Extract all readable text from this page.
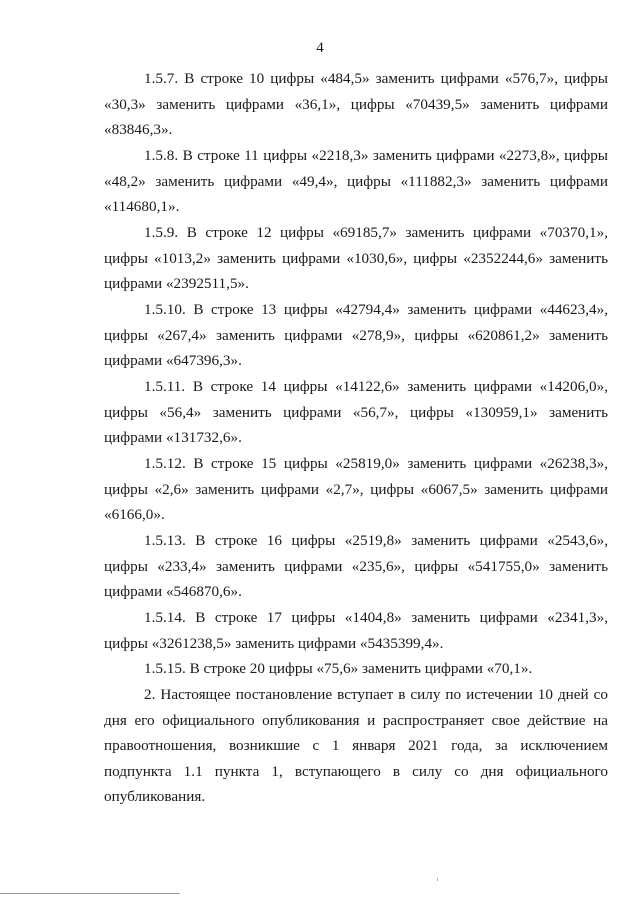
4

1.5.7. В строке 10 цифры «484,5» заменить цифрами «576,7», цифры «30,3» заменить цифрами «36,1», цифры «70439,5» заменить цифрами «83846,3».

1.5.8. В строке 11 цифры «2218,3» заменить цифрами «2273,8», цифры «48,2» заменить цифрами «49,4», цифры «111882,3» заменить цифрами «114680,1».

1.5.9. В строке 12 цифры «69185,7» заменить цифрами «70370,1», цифры «1013,2» заменить цифрами «1030,6», цифры «2352244,6» заменить цифрами «2392511,5».

1.5.10. В строке 13 цифры «42794,4» заменить цифрами «44623,4», цифры «267,4» заменить цифрами «278,9», цифры «620861,2» заменить цифрами «647396,3».

1.5.11. В строке 14 цифры «14122,6» заменить цифрами «14206,0», цифры «56,4» заменить цифрами «56,7», цифры «130959,1» заменить цифрами «131732,6».

1.5.12. В строке 15 цифры «25819,0» заменить цифрами «26238,3», цифры «2,6» заменить цифрами «2,7», цифры «6067,5» заменить цифрами «6166,0».

1.5.13. В строке 16 цифры «2519,8» заменить цифрами «2543,6», цифры «233,4» заменить цифрами «235,6», цифры «541755,0» заменить цифрами «546870,6».

1.5.14. В строке 17 цифры «1404,8» заменить цифрами «2341,3», цифры «3261238,5» заменить цифрами «5435399,4».

1.5.15. В строке 20 цифры «75,6» заменить цифрами «70,1».

2. Настоящее постановление вступает в силу по истечении 10 дней со дня его официального опубликования и распространяет свое действие на правоотношения, возникшие с 1 января 2021 года, за исключением подпункта 1.1 пункта 1, вступающего в силу со дня официального опубликования.
